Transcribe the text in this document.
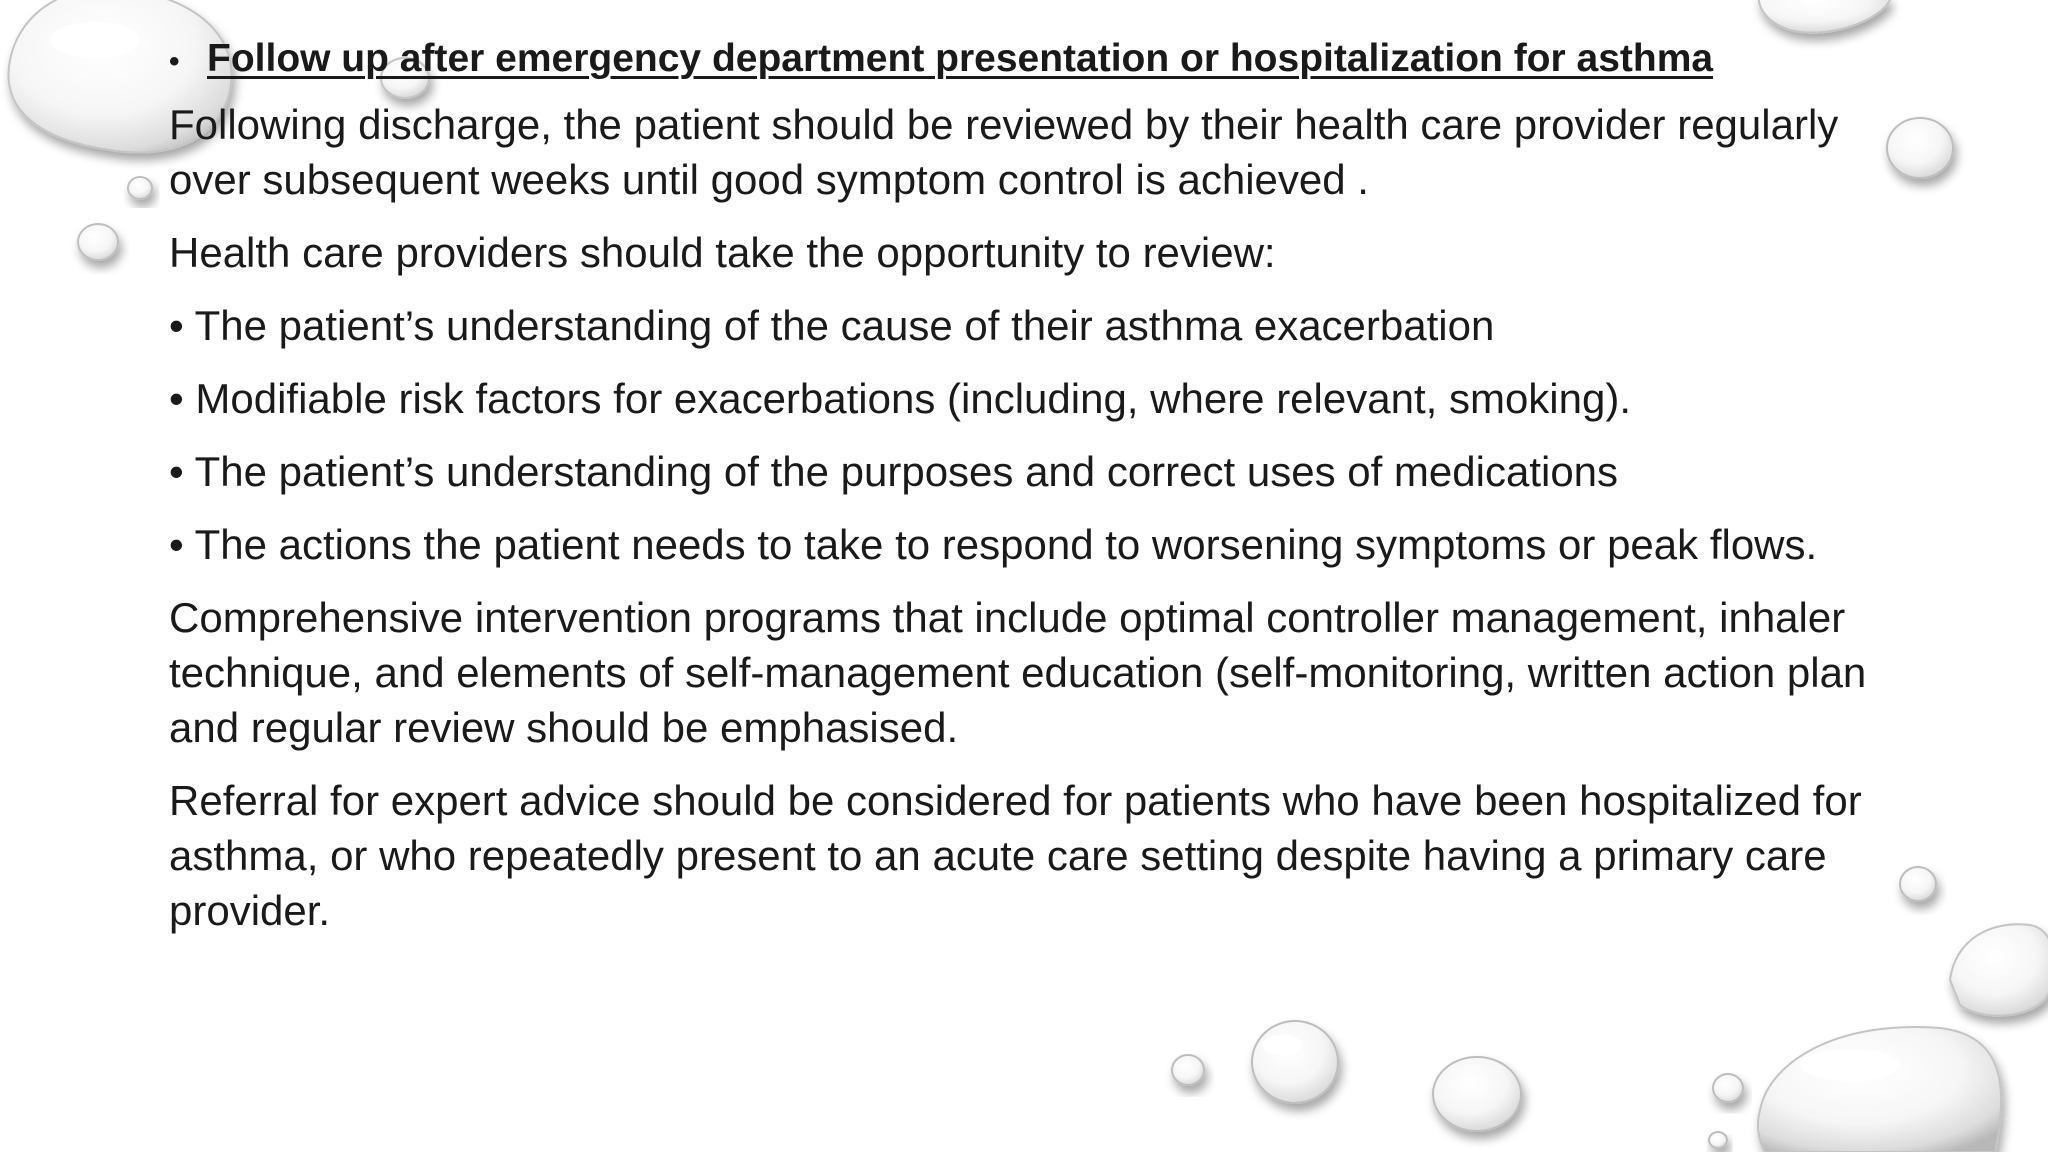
• Follow up after emergency department presentation or hospitalization for asthma

Following discharge, the patient should be reviewed by their health care provider regularly over subsequent weeks until good symptom control is achieved .

Health care providers should take the opportunity to review:

• The patient’s understanding of the cause of their asthma exacerbation

• Modifiable risk factors for exacerbations (including, where relevant, smoking).

• The patient’s understanding of the purposes and correct uses of medications

• The actions the patient needs to take to respond to worsening symptoms or peak flows.

Comprehensive intervention programs that include optimal controller management, inhaler technique, and elements of self-management education (self-monitoring, written action plan and regular review should be emphasised.

Referral for expert advice should be considered for patients who have been hospitalized for asthma, or who repeatedly present to an acute care setting despite having a primary care provider.
